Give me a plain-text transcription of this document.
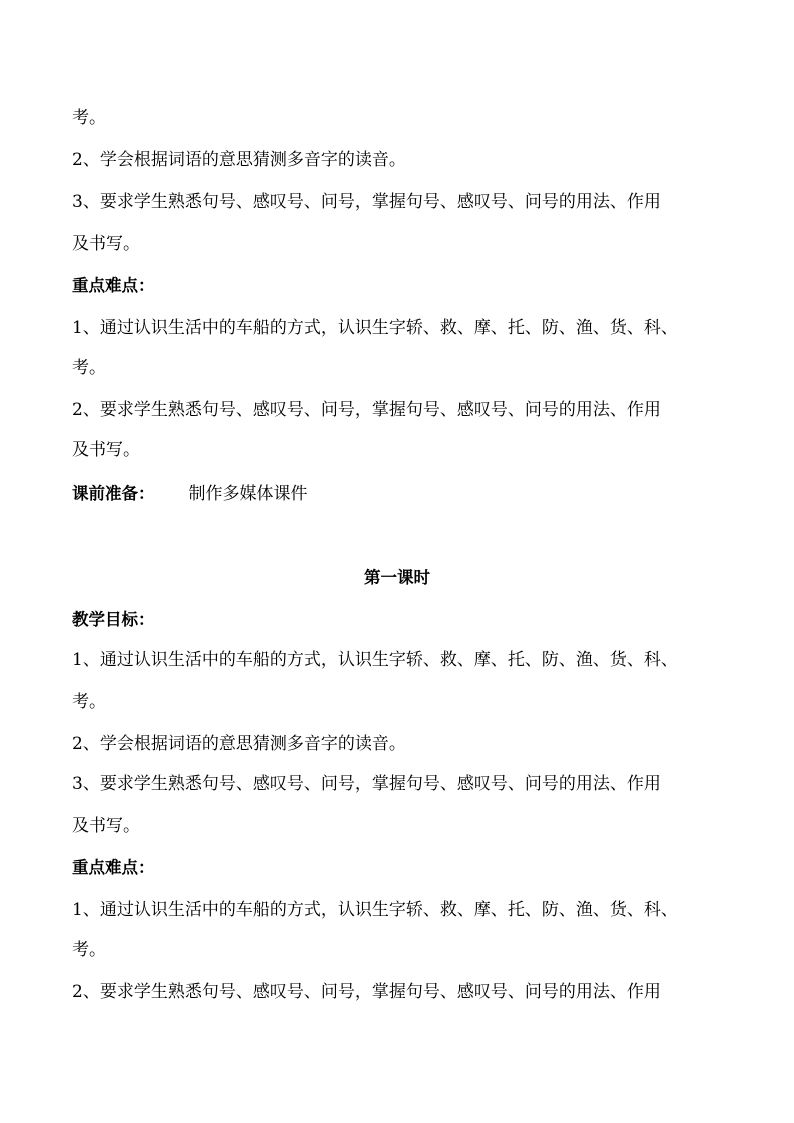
考。
2、学会根据词语的意思猜测多音字的读音。
3、要求学生熟悉句号、感叹号、问号，掌握句号、感叹号、问号的用法、作用
及书写。
重点难点：
1、通过认识生活中的车船的方式，认识生字轿、救、摩、托、防、渔、货、科、
考。
2、要求学生熟悉句号、感叹号、问号，掌握句号、感叹号、问号的用法、作用
及书写。
课前准备： 制作多媒体课件
第一课时
教学目标：
1、通过认识生活中的车船的方式，认识生字轿、救、摩、托、防、渔、货、科、
考。
2、学会根据词语的意思猜测多音字的读音。
3、要求学生熟悉句号、感叹号、问号，掌握句号、感叹号、问号的用法、作用
及书写。
重点难点：
1、通过认识生活中的车船的方式，认识生字轿、救、摩、托、防、渔、货、科、
考。
2、要求学生熟悉句号、感叹号、问号，掌握句号、感叹号、问号的用法、作用
